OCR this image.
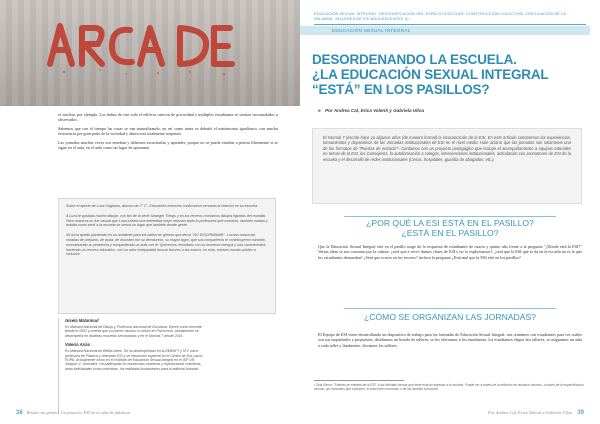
es nuclear, por ejemplo. Los baños de casi todo el edificio carecen de privacidad y múltiples estudiantes se sienten incomodados u observados.

Sabemos que con el tiempo las cosas se van naturalizando, en así como antes se debatió el matrimonio igualitario, con mucha resistencia por gran parte de la sociedad y ahora está totalmente aceptado.

Las jornadas muchas veces nos enseñan y debemos escucharlas y aprender, porque no se puede enseñar a pensar libremente si se sigue en el aula, en el aula como un lugar de ignorante.

Sobre el aporte de Luca Gagliano, alumno de 2° 2°, Educación entonces confirmaron cercanía la relación en su escuela.

A Luca le gustaba mucho dibujar, con fan de la serie Stranger Things y en los recreos comíamos dibujos figuritas del mundial. Para nosotros no fue casual que Luca tuviera una entendida mejor relación tanto la profesores que nosotras, también estaba y estaba como sentí a la escuela se sentía un lugar que también donde gente.

Se lucía quedó planteado en un ambiente para los baños en género que decía "NO DISCRIMINAR". Luchan contra las miradas de prejuicio, de duda, de asombro fue su devolución, su mayor logro, que sus compañeros le contribuyeron mirando, normalizando su presencia y compartiendo un aula con él. Queremos recordarlo con su inmensa energía y una característica, haciendo un recurso educativo, con un valor inseparable buscar favores a las manos; en esto, nuestro mundo público e inclusivo.

Gisela Malarmud
Es Maestra Nacional de Dibujo y Profesora Nacional de Escultura. Ejerce como docente desde el 2001 y cuenta que su primer cambio lo colocó en Psicocrom. Actualmente se desempeña en distintas escuelas secundarias y en el Normal 7 desde 2015.
Valeria Arias
Es Maestra Nacional de Bellas Artes. Se ha desempeñado en la EMEM°7 y N°2 como profesora de Plástica y relevante ESI y se educación especial en el Centro de Día Lazos, FUPA. Actualmente como en el Instituto de Educación Sexual Integral en el ISP OR. Joaquín V. González. Ha participado en numerosas muestras y exposiciones colectivas, tanto individuales como colectivas. Ha realizado ilustraciones para la editorial Amauta.
38 Bruder sin género. Un proyecto ESI en el aula de plásticas
EDUCACIÓN SEXUAL INTEGRAL: RESIGNIFICACIÓN DEL ESPACIO ESCOLAR: CONSTRUCCIÓN COLECTIVA, CIRCULACIÓN DE LA PALABRA. TALLERES DE ESI ADOLESCENTES (I)
EDUCACIÓN SEXUAL INTEGRAL
DESORDENANDO LA ESCUELA.
¿LA EDUCACIÓN SEXUAL INTEGRAL
“ESTÁ” EN LOS PASILLOS?
■ Por Andrea Cal, Erica Valenti y Gabriela Ulloa

El Normal 7 (escrito hace ya algunos años (de manera formal) la incorporación de la ESI. En este artículo contaremos las experiencias, tomamientos y dispositivos de las Jornadas institucionales de ESI en el nivel medio. Hale aclarar que las jornadas son solamente una de las formatos de "Puertas de entrada"¹. Contamos con un proyecto pedagógico que incluye el acompañamiento a equipos tutoriales en temas de la ESI, los Consejeros, la autoformación a colegas, intervenciones institucionales, articulación con promotores de ESI de la escuela y el desarrollo de redes institucionales (Cesac, hospitales, guardia de abogados, etc.).

¿POR QUÉ LA ESI ESTÁ EN EL PASILLO?
¿ESTÁ EN EL PASILLO?

Que la Educación Sexual Integral esté en el pasillo surge de la respuesta de estudiantes de cuarto y quinto año frente a la pregunta "¿Dónde está la ESI?" Varias ideas se nos cruzaron por la cabeza: ¿será que a veces damos clases de ESI y no lo explicitamos?, ¿será que la ESI que se da en la escuela no es lo que los estudiantes demandan? ¿Será que ocurre en los recreos? incluso la pregunta ¿Está mal que la ESI esté en los pasillos?

¿CÓMO SE ORGANIZAN LAS JORNADAS?

El Equipo de ESI viene desarrollando un dispositivo de trabajo para las formadas de Educación Sexual Integral: nos reunimos con estudiantes para ver cuáles son sus inquietudes y propuestas, diseñamos un listado de talleres, se los ofertamos a los estudiantes, los estudiantes eligen dos talleres, se asignamos un aula a cada taller y finalmente, dictamos los talleres.

¹ Sola Rama. "Puertas de entrada de la ESI" a las distintas formas que tiene esta de ingresar a la escuela. Puede ser a través de la reflexión de nosotros mismos, a través de la especificación escolar, por episodios que irrumpen, el marco del curriculum o de las familias a escuela.
Por Andrea Cal, Erica Valenti y Gabriela Ulloa 39
